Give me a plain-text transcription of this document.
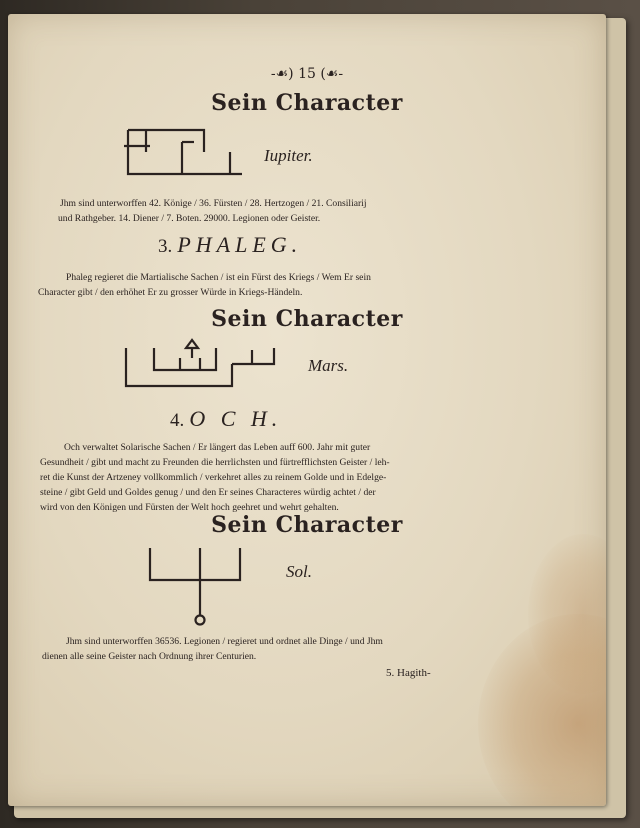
-☙) 15 (☙-
Sein Character
Iupiter.
Jhm sind unterworffen 42. Könige / 36. Fürsten / 28. Hertzogen / 21. Consiliarij
und Rathgeber. 14. Diener / 7. Boten. 29000. Legionen oder Geister.
3. PHALEG.
Phaleg regieret die Martialische Sachen / ist ein Fürst des Kriegs / Wem Er sein
Character gibt / den erhöhet Er zu grosser Würde in Kriegs-Händeln.
Sein Character
Mars.
4. O C H.
Och verwaltet Solarische Sachen / Er längert das Leben auff 600. Jahr mit guter
Gesundheit / gibt und macht zu Freunden die herrlichsten und fürtrefflichsten Geister / leh-
ret die Kunst der Artzeney vollkommlich / verkehret alles zu reinem Golde und in Edelge-
steine / gibt Geld und Goldes genug / und den Er seines Characteres würdig achtet / der
wird von den Königen und Fürsten der Welt hoch geehret und wehrt gehalten.
Sein Character
Sol.
Jhm sind unterworffen 36536. Legionen / regieret und ordnet alle Dinge / und Jhm
dienen alle seine Geister nach Ordnung ihrer Centurien.
5. Hagith-
